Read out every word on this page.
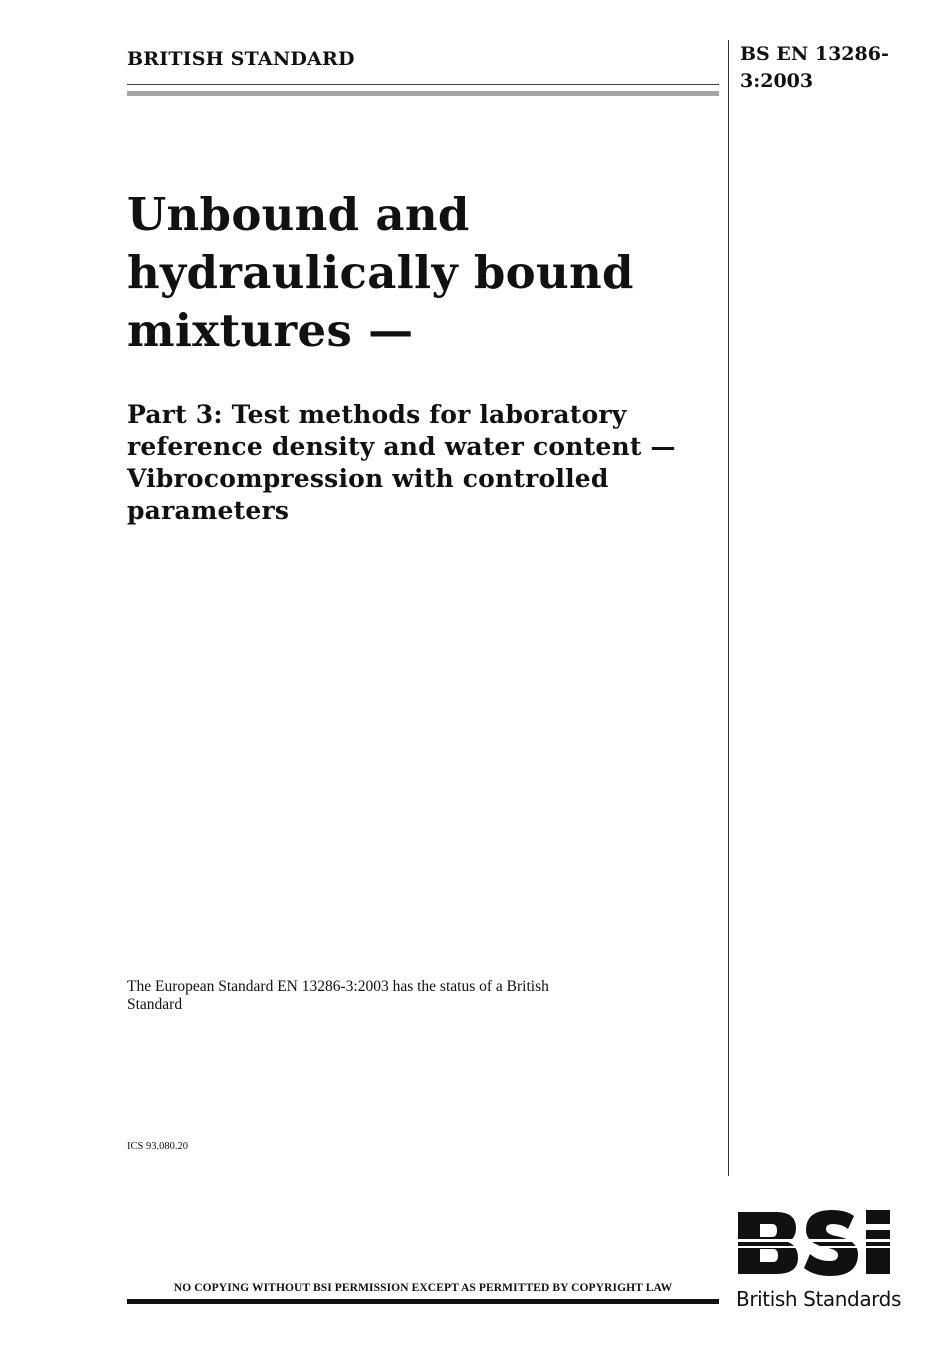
BRITISH STANDARD	BS EN 13286-3:2003
Unbound and hydraulically bound mixtures —
Part 3: Test methods for laboratory reference density and water content — Vibrocompression with controlled parameters
The European Standard EN 13286-3:2003 has the status of a British Standard
ICS 93.080.20
NO COPYING WITHOUT BSI PERMISSION EXCEPT AS PERMITTED BY COPYRIGHT LAW	British Standards
